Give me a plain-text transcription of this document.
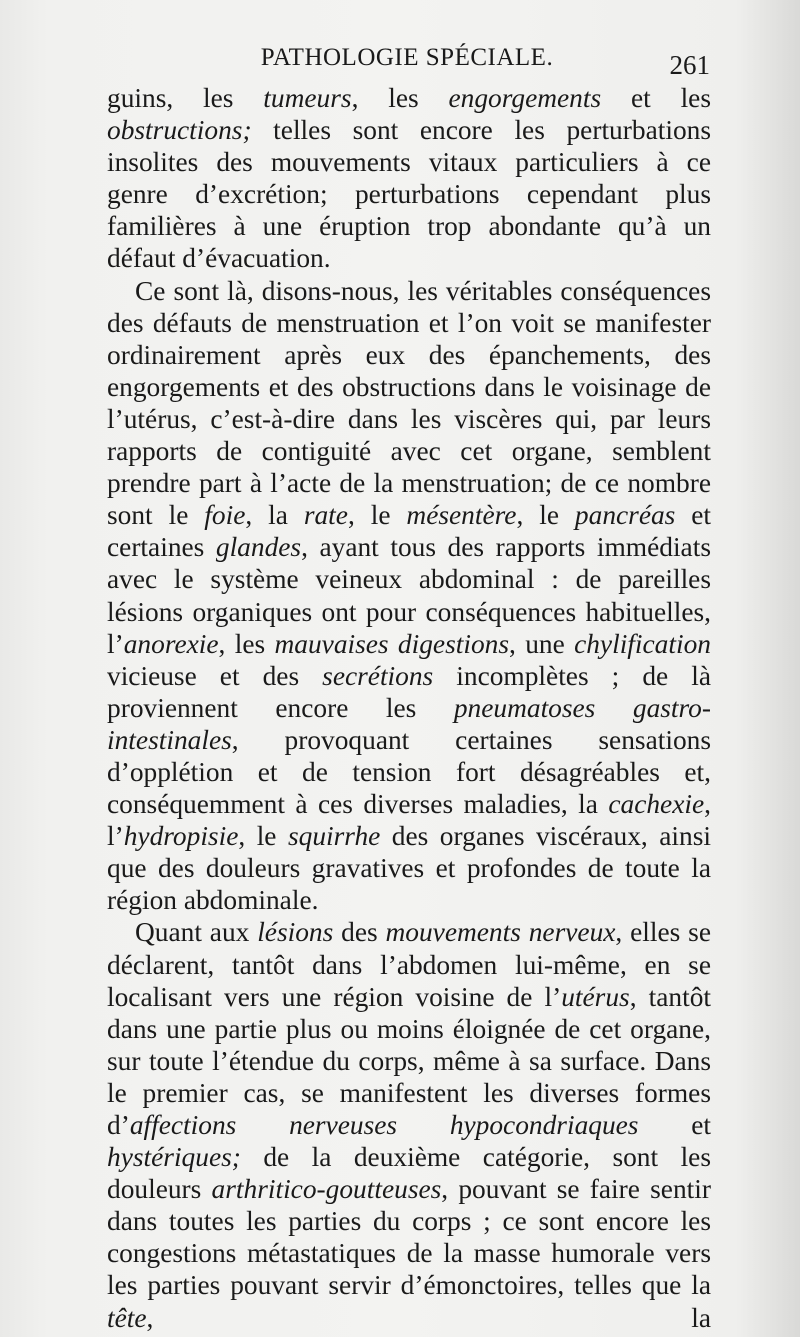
PATHOLOGIE SPÉCIALE.	261

guins, les tumeurs, les engorgements et les obstructions; telles sont encore les perturbations insolites des mouvements vitaux particuliers à ce genre d’excrétion; perturbations cependant plus familières à une éruption trop abondante qu’à un défaut d’évacuation.

Ce sont là, disons-nous, les véritables conséquences des défauts de menstruation et l’on voit se manifester ordinairement après eux des épanchements, des engorgements et des obstructions dans le voisinage de l’utérus, c’est-à-dire dans les viscères qui, par leurs rapports de contiguité avec cet organe, semblent prendre part à l’acte de la menstruation; de ce nombre sont le foie, la rate, le mésentère, le pancréas et certaines glandes, ayant tous des rapports immédiats avec le système veineux abdominal : de pareilles lésions organiques ont pour conséquences habituelles, l’anorexie, les mauvaises digestions, une chylification vicieuse et des secrétions incomplètes ; de là proviennent encore les pneumatoses gastro-intestinales, provoquant certaines sensations d’opplétion et de tension fort désagréables et, conséquemment à ces diverses maladies, la cachexie, l’hydropisie, le squirrhe des organes viscéraux, ainsi que des douleurs gravatives et profondes de toute la région abdominale.

Quant aux lésions des mouvements nerveux, elles se déclarent, tantôt dans l’abdomen lui-même, en se localisant vers une région voisine de l’utérus, tantôt dans une partie plus ou moins éloignée de cet organe, sur toute l’étendue du corps, même à sa surface. Dans le premier cas, se manifestent les diverses formes d’affections nerveuses hypocondriaques et hystériques; de la deuxième catégorie, sont les douleurs arthritico-goutteuses, pouvant se faire sentir dans toutes les parties du corps ; ce sont encore les congestions métastatiques de la masse humorale vers les parties pouvant servir d’émonctoires, telles que la tête, la
